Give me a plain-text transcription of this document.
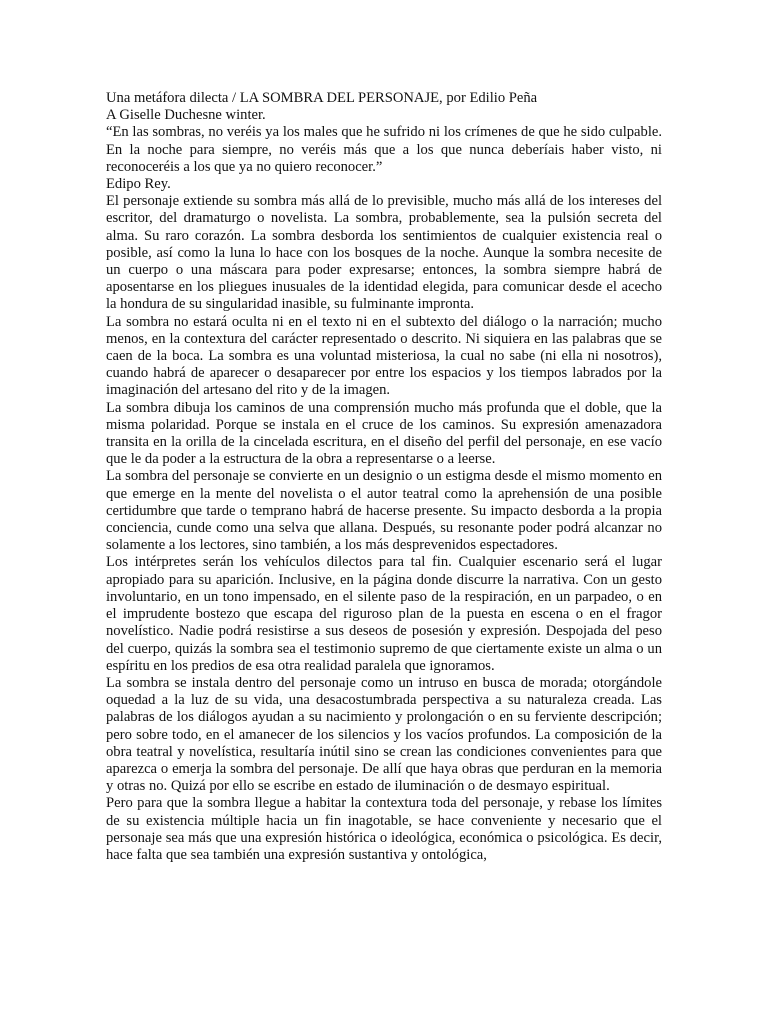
Una metáfora dilecta / LA SOMBRA DEL PERSONAJE, por Edilio Peña

A Giselle Duchesne winter.

“En las sombras, no veréis ya los males que he sufrido ni los crímenes de que he sido culpable. En la noche para siempre, no veréis más que a los que nunca deberíais haber visto, ni reconoceréis a los que ya no quiero reconocer.”

Edipo Rey.

El personaje extiende su sombra más allá de lo previsible, mucho más allá de los intereses del escritor, del dramaturgo o novelista. La sombra, probablemente, sea la pulsión secreta del alma. Su raro corazón. La sombra desborda los sentimientos de cualquier existencia real o posible, así como la luna lo hace con los bosques de la noche. Aunque la sombra necesite de un cuerpo o una máscara para poder expresarse; entonces, la sombra siempre habrá de aposentarse en los pliegues inusuales de la identidad elegida, para comunicar desde el acecho la hondura de su singularidad inasible, su fulminante impronta.

La sombra no estará oculta ni en el texto ni en el subtexto del diálogo o la narración; mucho menos, en la contextura del carácter representado o descrito. Ni siquiera en las palabras que se caen de la boca. La sombra es una voluntad misteriosa, la cual no sabe (ni ella ni nosotros), cuando habrá de aparecer o desaparecer por entre los espacios y los tiempos labrados por la imaginación del artesano del rito y de la imagen.

La sombra dibuja los caminos de una comprensión mucho más profunda que el doble, que la misma polaridad. Porque se instala en el cruce de los caminos. Su expresión amenazadora transita en la orilla de la cincelada escritura, en el diseño del perfil del personaje, en ese vacío que le da poder a la estructura de la obra a representarse o a leerse.

La sombra del personaje se convierte en un designio o un estigma desde el mismo momento en que emerge en la mente del novelista o el autor teatral como la aprehensión de una posible certidumbre que tarde o temprano habrá de hacerse presente. Su impacto desborda a la propia conciencia, cunde como una selva que allana. Después, su resonante poder podrá alcanzar no solamente a los lectores, sino también, a los más desprevenidos espectadores.

Los intérpretes serán los vehículos dilectos para tal fin. Cualquier escenario será el lugar apropiado para su aparición. Inclusive, en la página donde discurre la narrativa. Con un gesto involuntario, en un tono impensado, en el silente paso de la respiración, en un parpadeo, o en el imprudente bostezo que escapa del riguroso plan de la puesta en escena o en el fragor novelístico. Nadie podrá resistirse a sus deseos de posesión y expresión. Despojada del peso del cuerpo, quizás la sombra sea el testimonio supremo de que ciertamente existe un alma o un espíritu en los predios de esa otra realidad paralela que ignoramos.

La sombra se instala dentro del personaje como un intruso en busca de morada; otorgándole oquedad a la luz de su vida, una desacostumbrada perspectiva a su naturaleza creada. Las palabras de los diálogos ayudan a su nacimiento y prolongación o en su ferviente descripción; pero sobre todo, en el amanecer de los silencios y los vacíos profundos. La composición de la obra teatral y novelística, resultaría inútil sino se crean las condiciones convenientes para que aparezca o emerja la sombra del personaje. De allí que haya obras que perduran en la memoria y otras no. Quizá por ello se escribe en estado de iluminación o de desmayo espiritual.

Pero para que la sombra llegue a habitar la contextura toda del personaje, y rebase los límites de su existencia múltiple hacia un fin inagotable, se hace conveniente y necesario que el personaje sea más que una expresión histórica o ideológica, económica o psicológica. Es decir, hace falta que sea también una expresión sustantiva y ontológica,
